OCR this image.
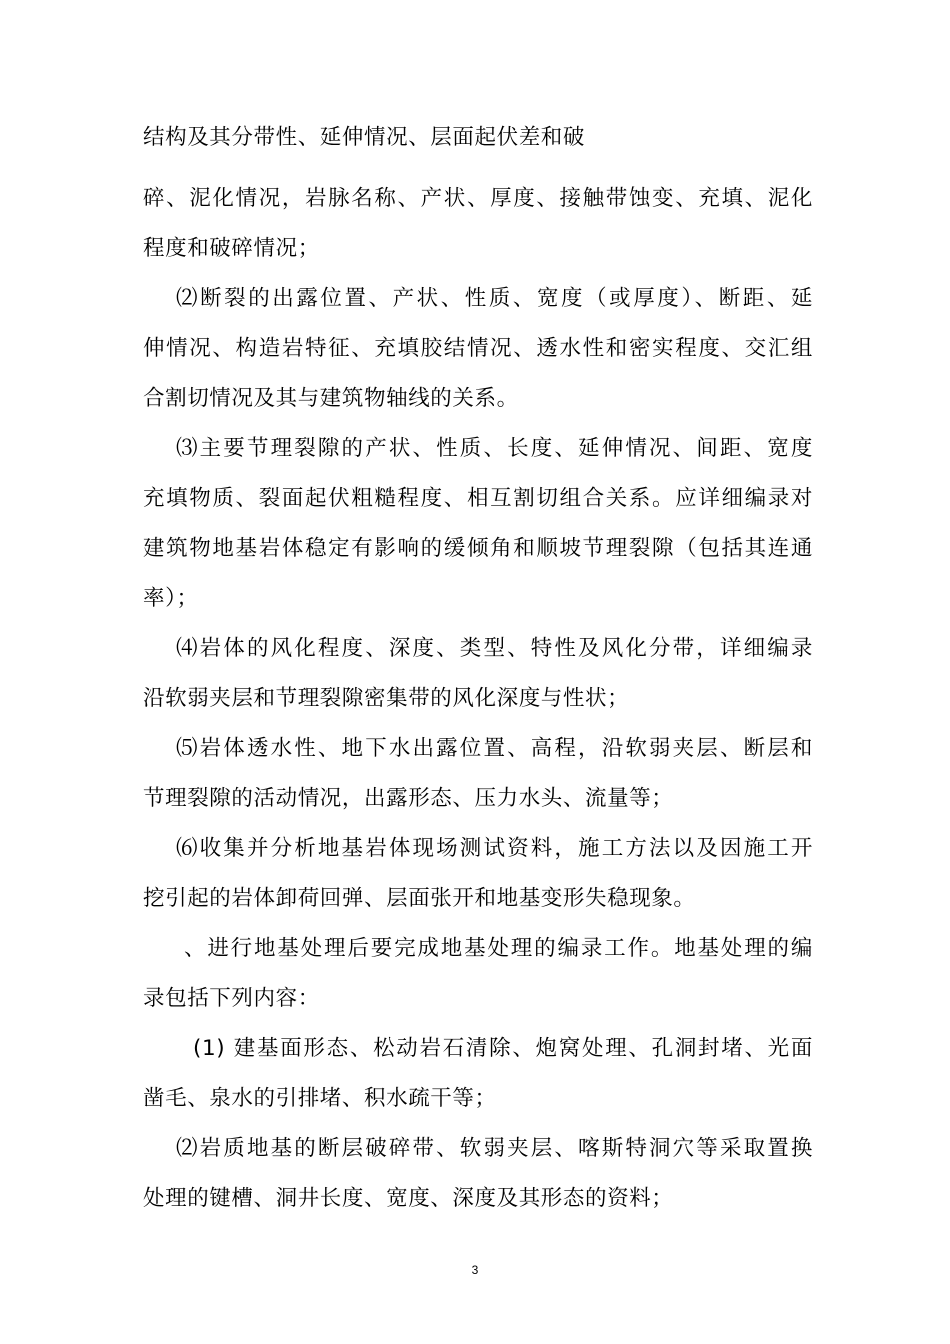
结构及其分带性、延伸情况、层面起伏差和破
碎、泥化情况，岩脉名称、产状、厚度、接触带蚀变、充填、泥化
程度和破碎情况；
⑵断裂的出露位置、产状、性质、宽度（或厚度）、断距、延
伸情况、构造岩特征、充填胶结情况、透水性和密实程度、交汇组
合割切情况及其与建筑物轴线的关系。
⑶主要节理裂隙的产状、性质、长度、延伸情况、间距、宽度
充填物质、裂面起伏粗糙程度、相互割切组合关系。应详细编录对
建筑物地基岩体稳定有影响的缓倾角和顺坡节理裂隙（包括其连通
率）；
⑷岩体的风化程度、深度、类型、特性及风化分带，详细编录
沿软弱夹层和节理裂隙密集带的风化深度与性状；
⑸岩体透水性、地下水出露位置、高程，沿软弱夹层、断层和
节理裂隙的活动情况，出露形态、压力水头、流量等；
⑹收集并分析地基岩体现场测试资料，施工方法以及因施工开
挖引起的岩体卸荷回弹、层面张开和地基变形失稳现象。
、进行地基处理后要完成地基处理的编录工作。地基处理的编
录包括下列内容：
(1) 建基面形态、松动岩石清除、炮窝处理、孔洞封堵、光面
凿毛、泉水的引排堵、积水疏干等；
⑵岩质地基的断层破碎带、软弱夹层、喀斯特洞穴等采取置换
处理的键槽、洞井长度、宽度、深度及其形态的资料；
3
